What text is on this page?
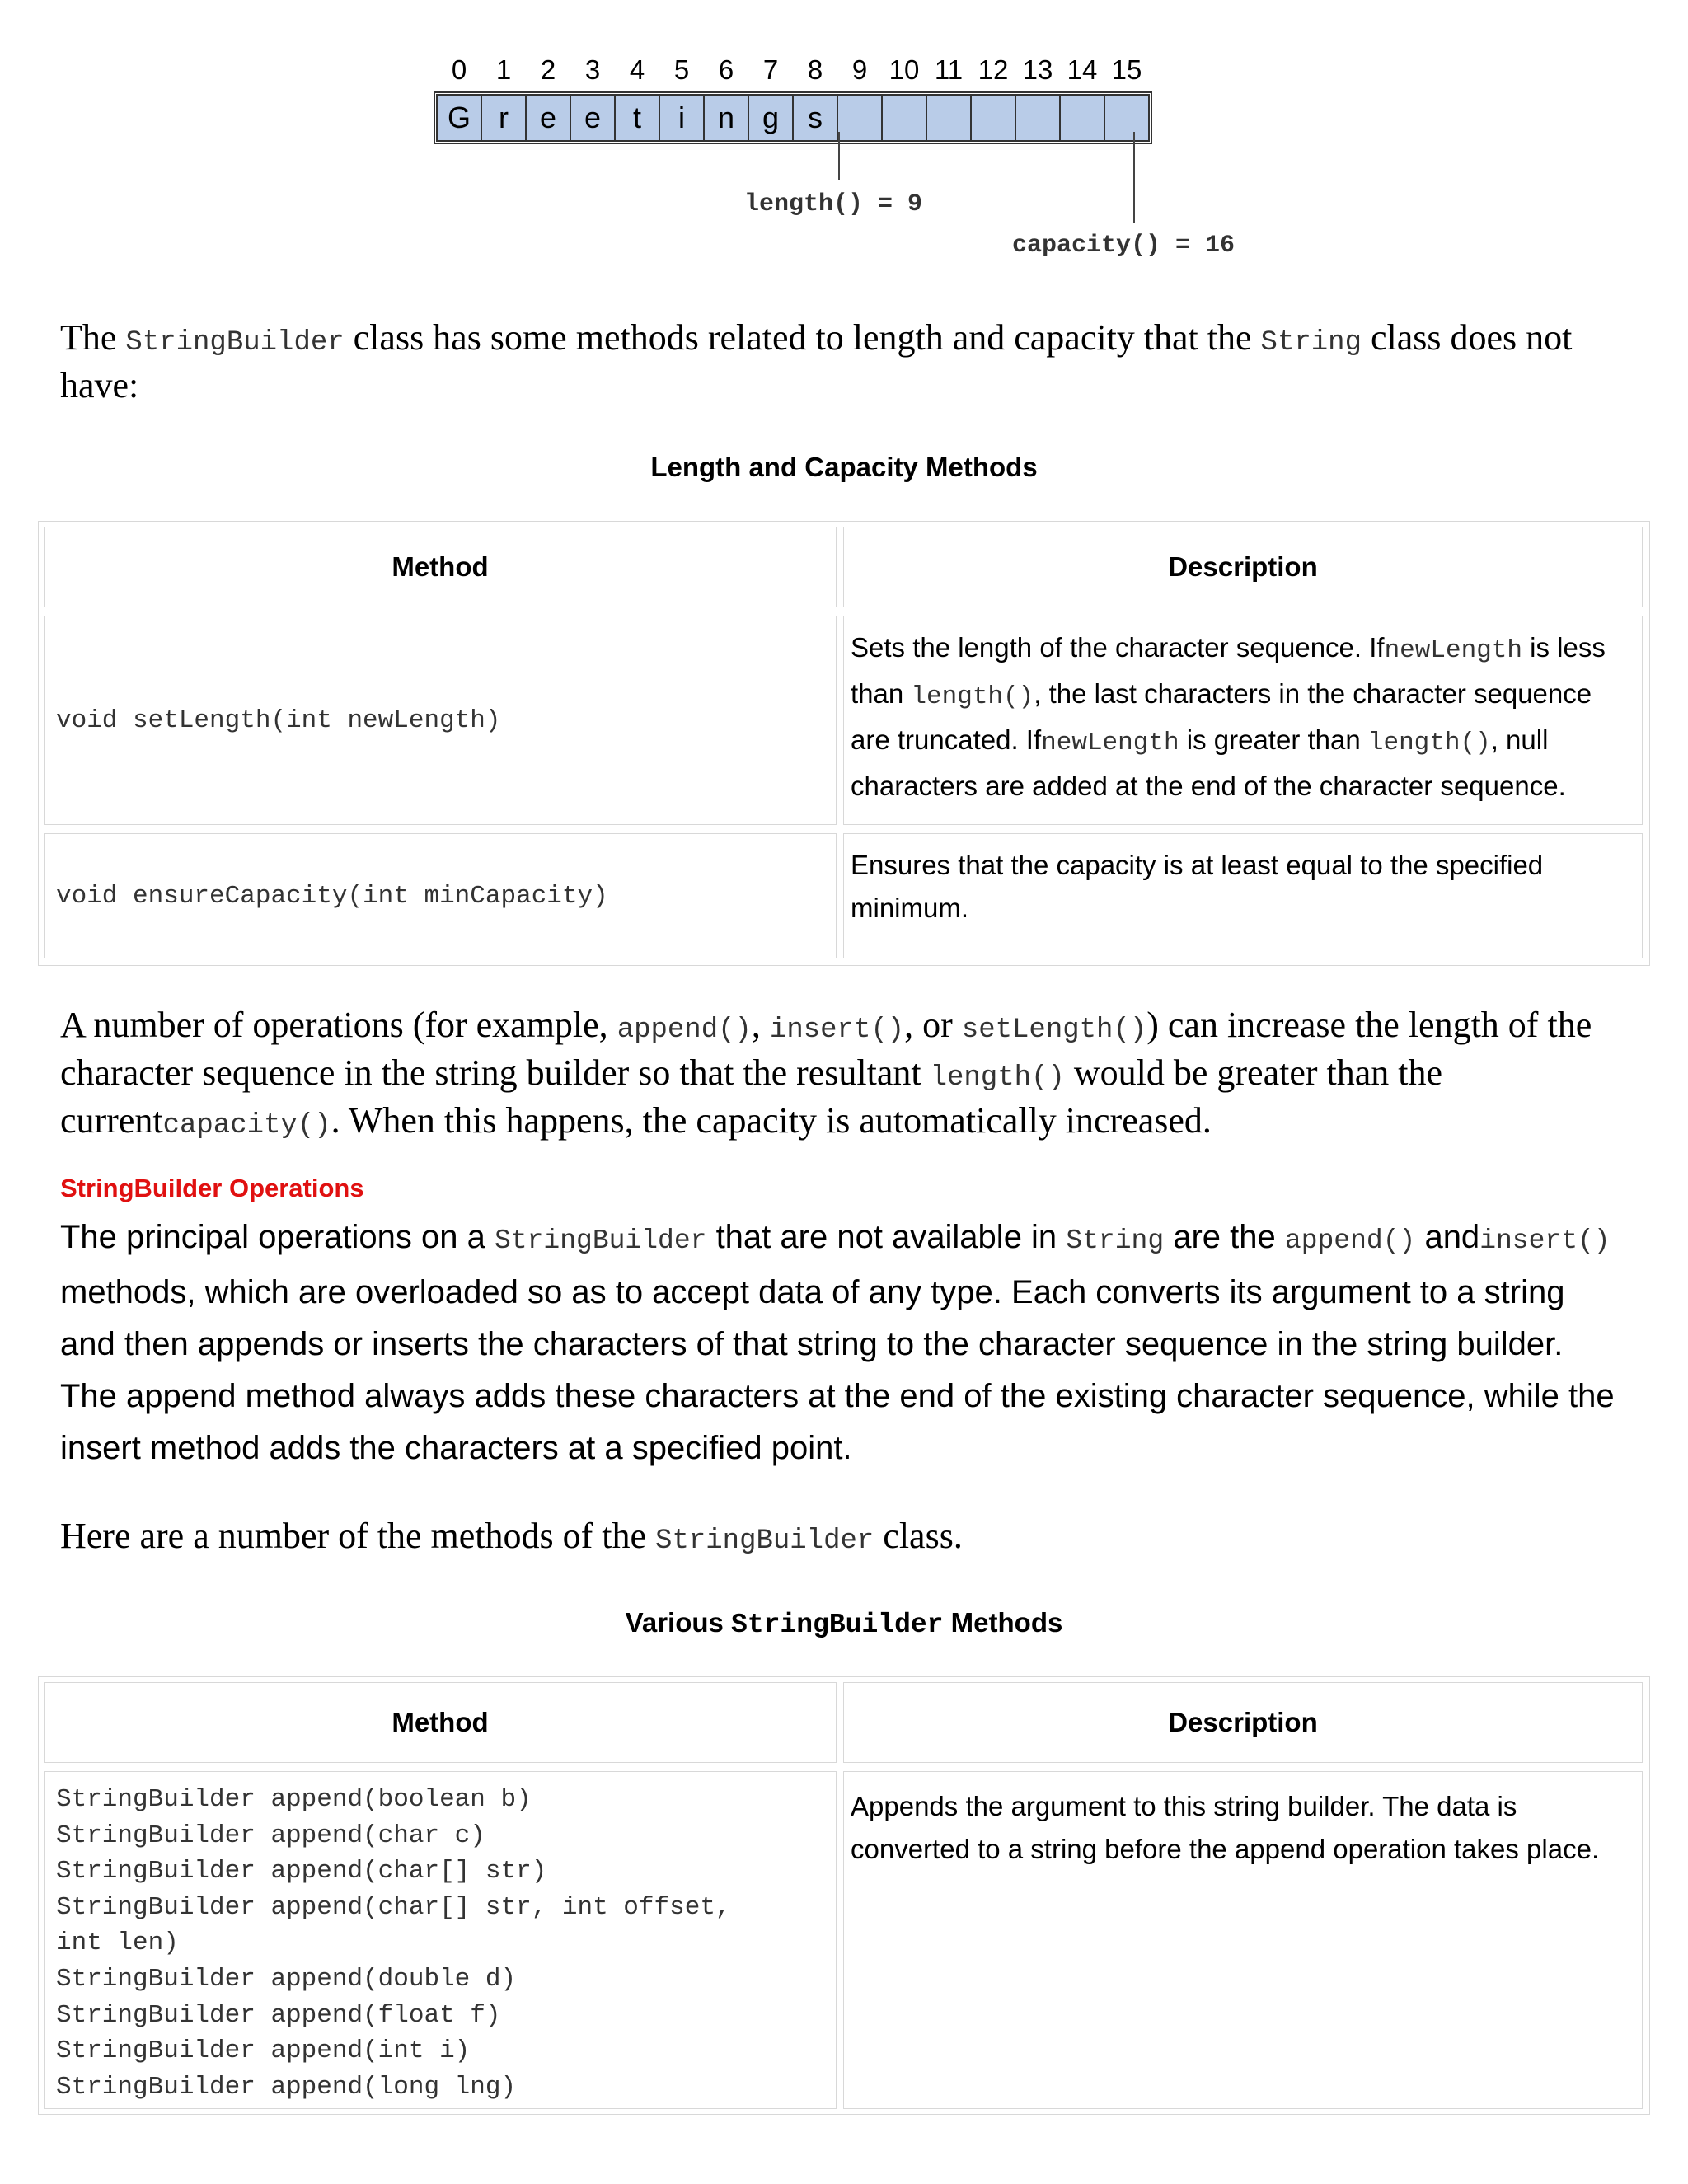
0 1 2 3 4 5 6 7 8 9 10 11 12 13 14 15
G r e e t i n g s
length() = 9
capacity() = 16
The StringBuilder class has some methods related to length and capacity that the String class does not have:
Length and Capacity Methods
Method	Description
void setLength(int newLength)
Sets the length of the character sequence. IfnewLength is less than length(), the last characters in the character sequence are truncated. IfnewLength is greater than length(), null characters are added at the end of the character sequence.
void ensureCapacity(int minCapacity)
Ensures that the capacity is at least equal to the specified minimum.
A number of operations (for example, append(), insert(), or setLength()) can increase the length of the character sequence in the string builder so that the resultant length() would be greater than the currentcapacity(). When this happens, the capacity is automatically increased.
StringBuilder Operations
The principal operations on a StringBuilder that are not available in String are the append() andinsert() methods, which are overloaded so as to accept data of any type. Each converts its argument to a string and then appends or inserts the characters of that string to the character sequence in the string builder. The append method always adds these characters at the end of the existing character sequence, while the insert method adds the characters at a specified point.
Here are a number of the methods of the StringBuilder class.
Various StringBuilder Methods
Method	Description
StringBuilder append(boolean b)
StringBuilder append(char c)
StringBuilder append(char[] str)
StringBuilder append(char[] str, int offset,
int len)
StringBuilder append(double d)
StringBuilder append(float f)
StringBuilder append(int i)
StringBuilder append(long lng)
Appends the argument to this string builder. The data is converted to a string before the append operation takes place.
